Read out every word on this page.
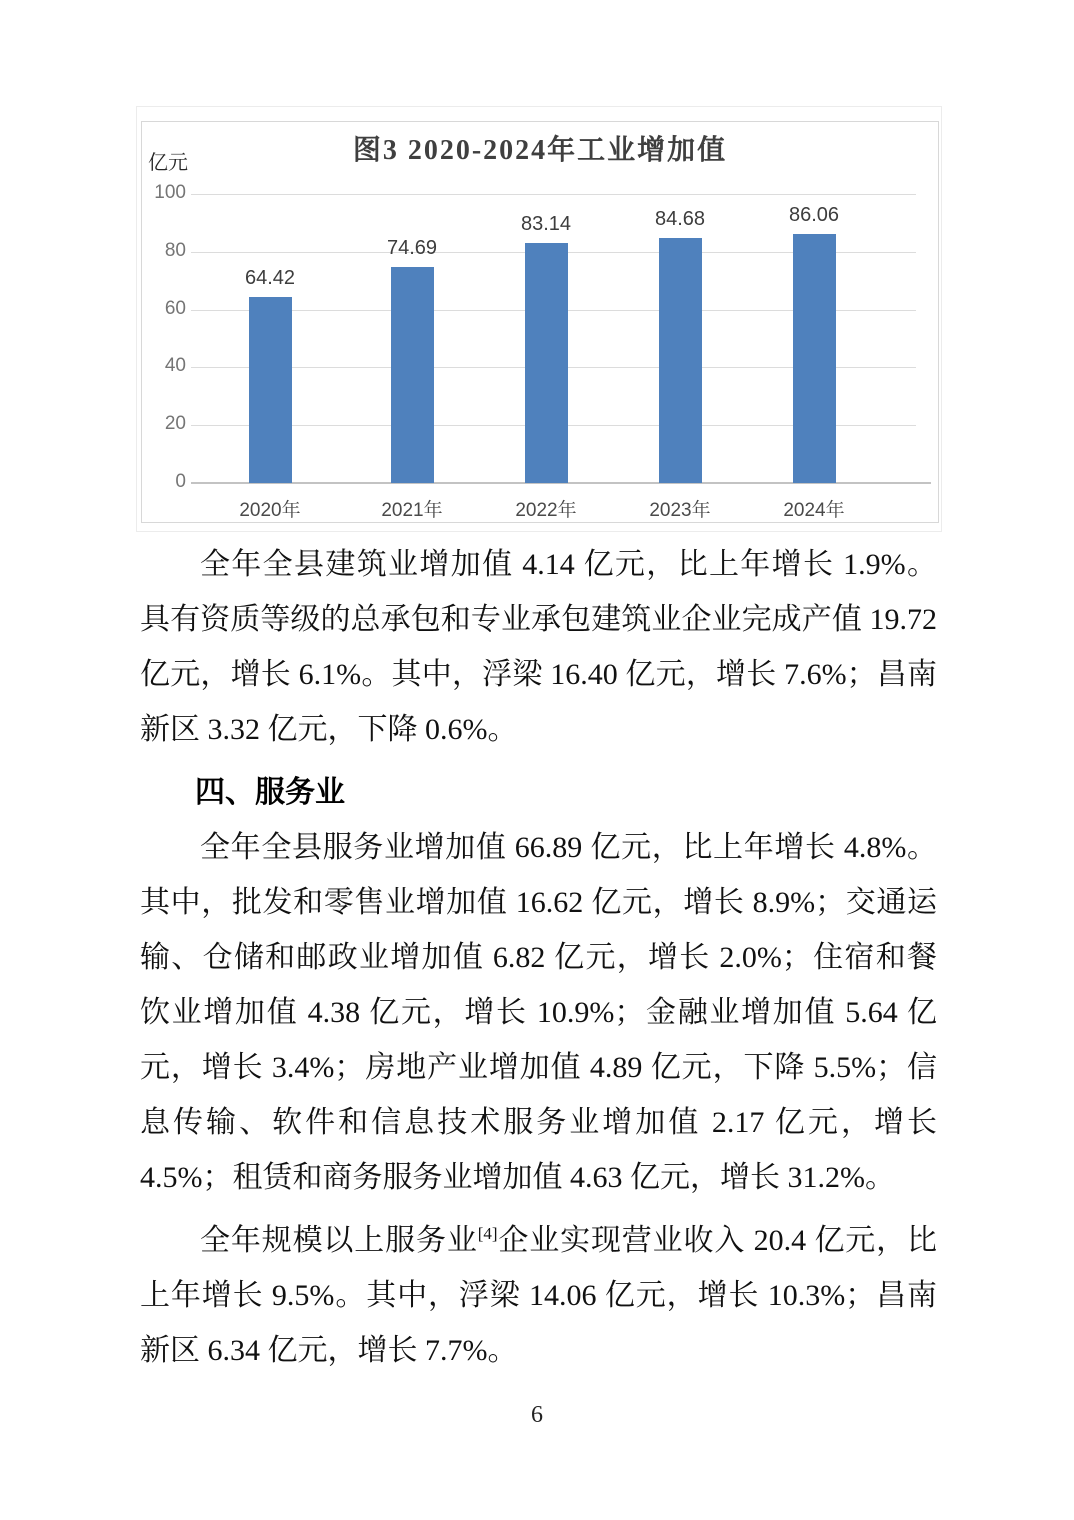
图3 2020-2024年工业增加值
亿元
0
20
40
60
80
100
64.42
2020年
74.69
2021年
83.14
2022年
84.68
2023年
86.06
2024年

全年全县建筑业增加值 4.14 亿元，比上年增长 1.9%。具有资质等级的总承包和专业承包建筑业企业完成产值 19.72 亿元，增长 6.1%。其中，浮梁 16.40 亿元，增长 7.6%；昌南新区 3.32 亿元，下降 0.6%。

四、服务业

全年全县服务业增加值 66.89 亿元，比上年增长 4.8%。其中，批发和零售业增加值 16.62 亿元，增长 8.9%；交通运输、仓储和邮政业增加值 6.82 亿元，增长 2.0%；住宿和餐饮业增加值 4.38 亿元，增长 10.9%；金融业增加值 5.64 亿元，增长 3.4%；房地产业增加值 4.89 亿元，下降 5.5%；信息传输、软件和信息技术服务业增加值 2.17 亿元，增长 4.5%；租赁和商务服务业增加值 4.63 亿元，增长 31.2%。

全年规模以上服务业[4]企业实现营业收入 20.4 亿元，比上年增长 9.5%。其中，浮梁 14.06 亿元，增长 10.3%；昌南新区 6.34 亿元，增长 7.7%。

6
